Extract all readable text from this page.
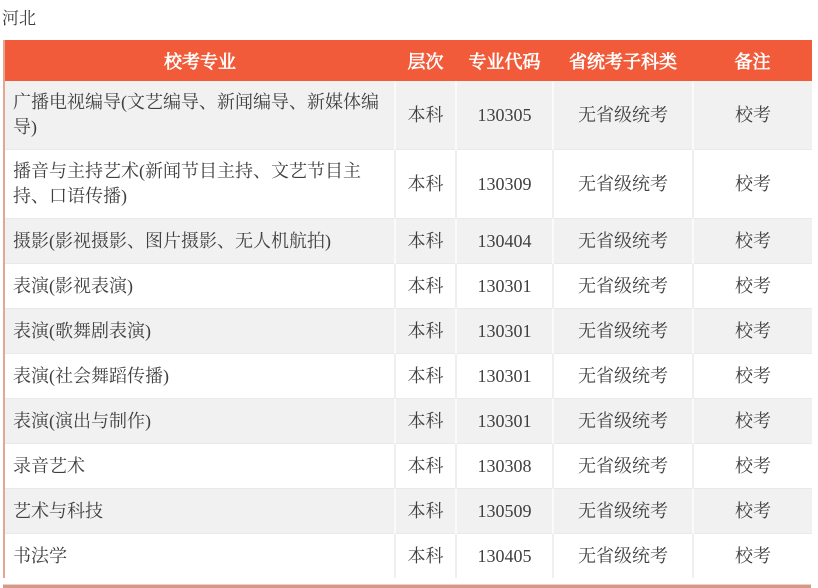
河北
校考专业	层次	专业代码	省统考子科类	备注
广播电视编导(文艺编导、新闻编导、新媒体编导)	本科	130305	无省级统考	校考
播音与主持艺术(新闻节目主持、文艺节目主持、口语传播)	本科	130309	无省级统考	校考
摄影(影视摄影、图片摄影、无人机航拍)	本科	130404	无省级统考	校考
表演(影视表演)	本科	130301	无省级统考	校考
表演(歌舞剧表演)	本科	130301	无省级统考	校考
表演(社会舞蹈传播)	本科	130301	无省级统考	校考
表演(演出与制作)	本科	130301	无省级统考	校考
录音艺术	本科	130308	无省级统考	校考
艺术与科技	本科	130509	无省级统考	校考
书法学	本科	130405	无省级统考	校考
